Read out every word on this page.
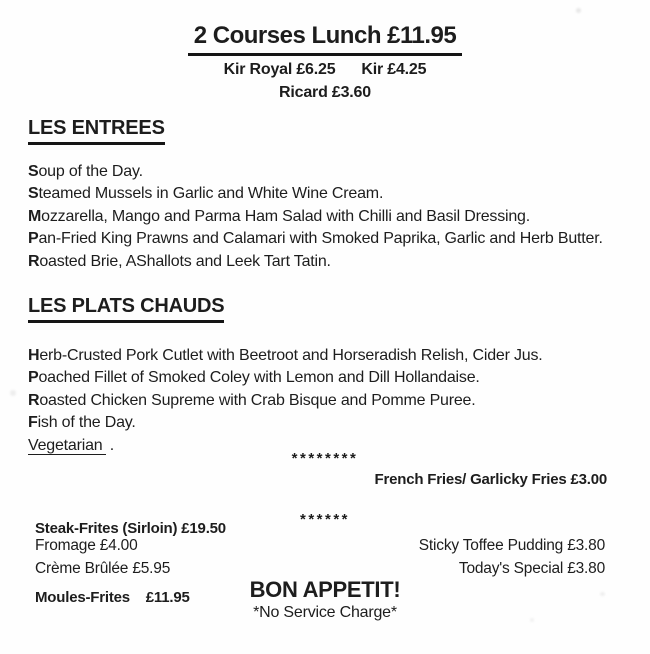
2 Courses Lunch £11.95
Kir Royal £6.25 Kir £4.25
Ricard £3.60
LES ENTREES
Soup of the Day.
Steamed Mussels in Garlic and White Wine Cream.
Mozzarella, Mango and Parma Ham Salad with Chilli and Basil Dressing.
Pan-Fried King Prawns and Calamari with Smoked Paprika, Garlic and Herb Butter.
Roasted Brie, AShallots and Leek Tart Tatin.
LES PLATS CHAUDS
Herb-Crusted Pork Cutlet with Beetroot and Horseradish Relish, Cider Jus.
Poached Fillet of Smoked Coley with Lemon and Dill Hollandaise.
Roasted Chicken Supreme with Crab Bisque and Pomme Puree.
Fish of the Day.
Vegetarian .
********

Steak-Frites (Sirloin) £19.50

Moules-Frites    £11.95

French Fries/ Garlicky Fries £3.00
******
Fromage £4.00
Crème Brûlée £5.95
Sticky Toffee Pudding £3.80
Today's Special £3.80
BON APPETIT!
*No Service Charge*
